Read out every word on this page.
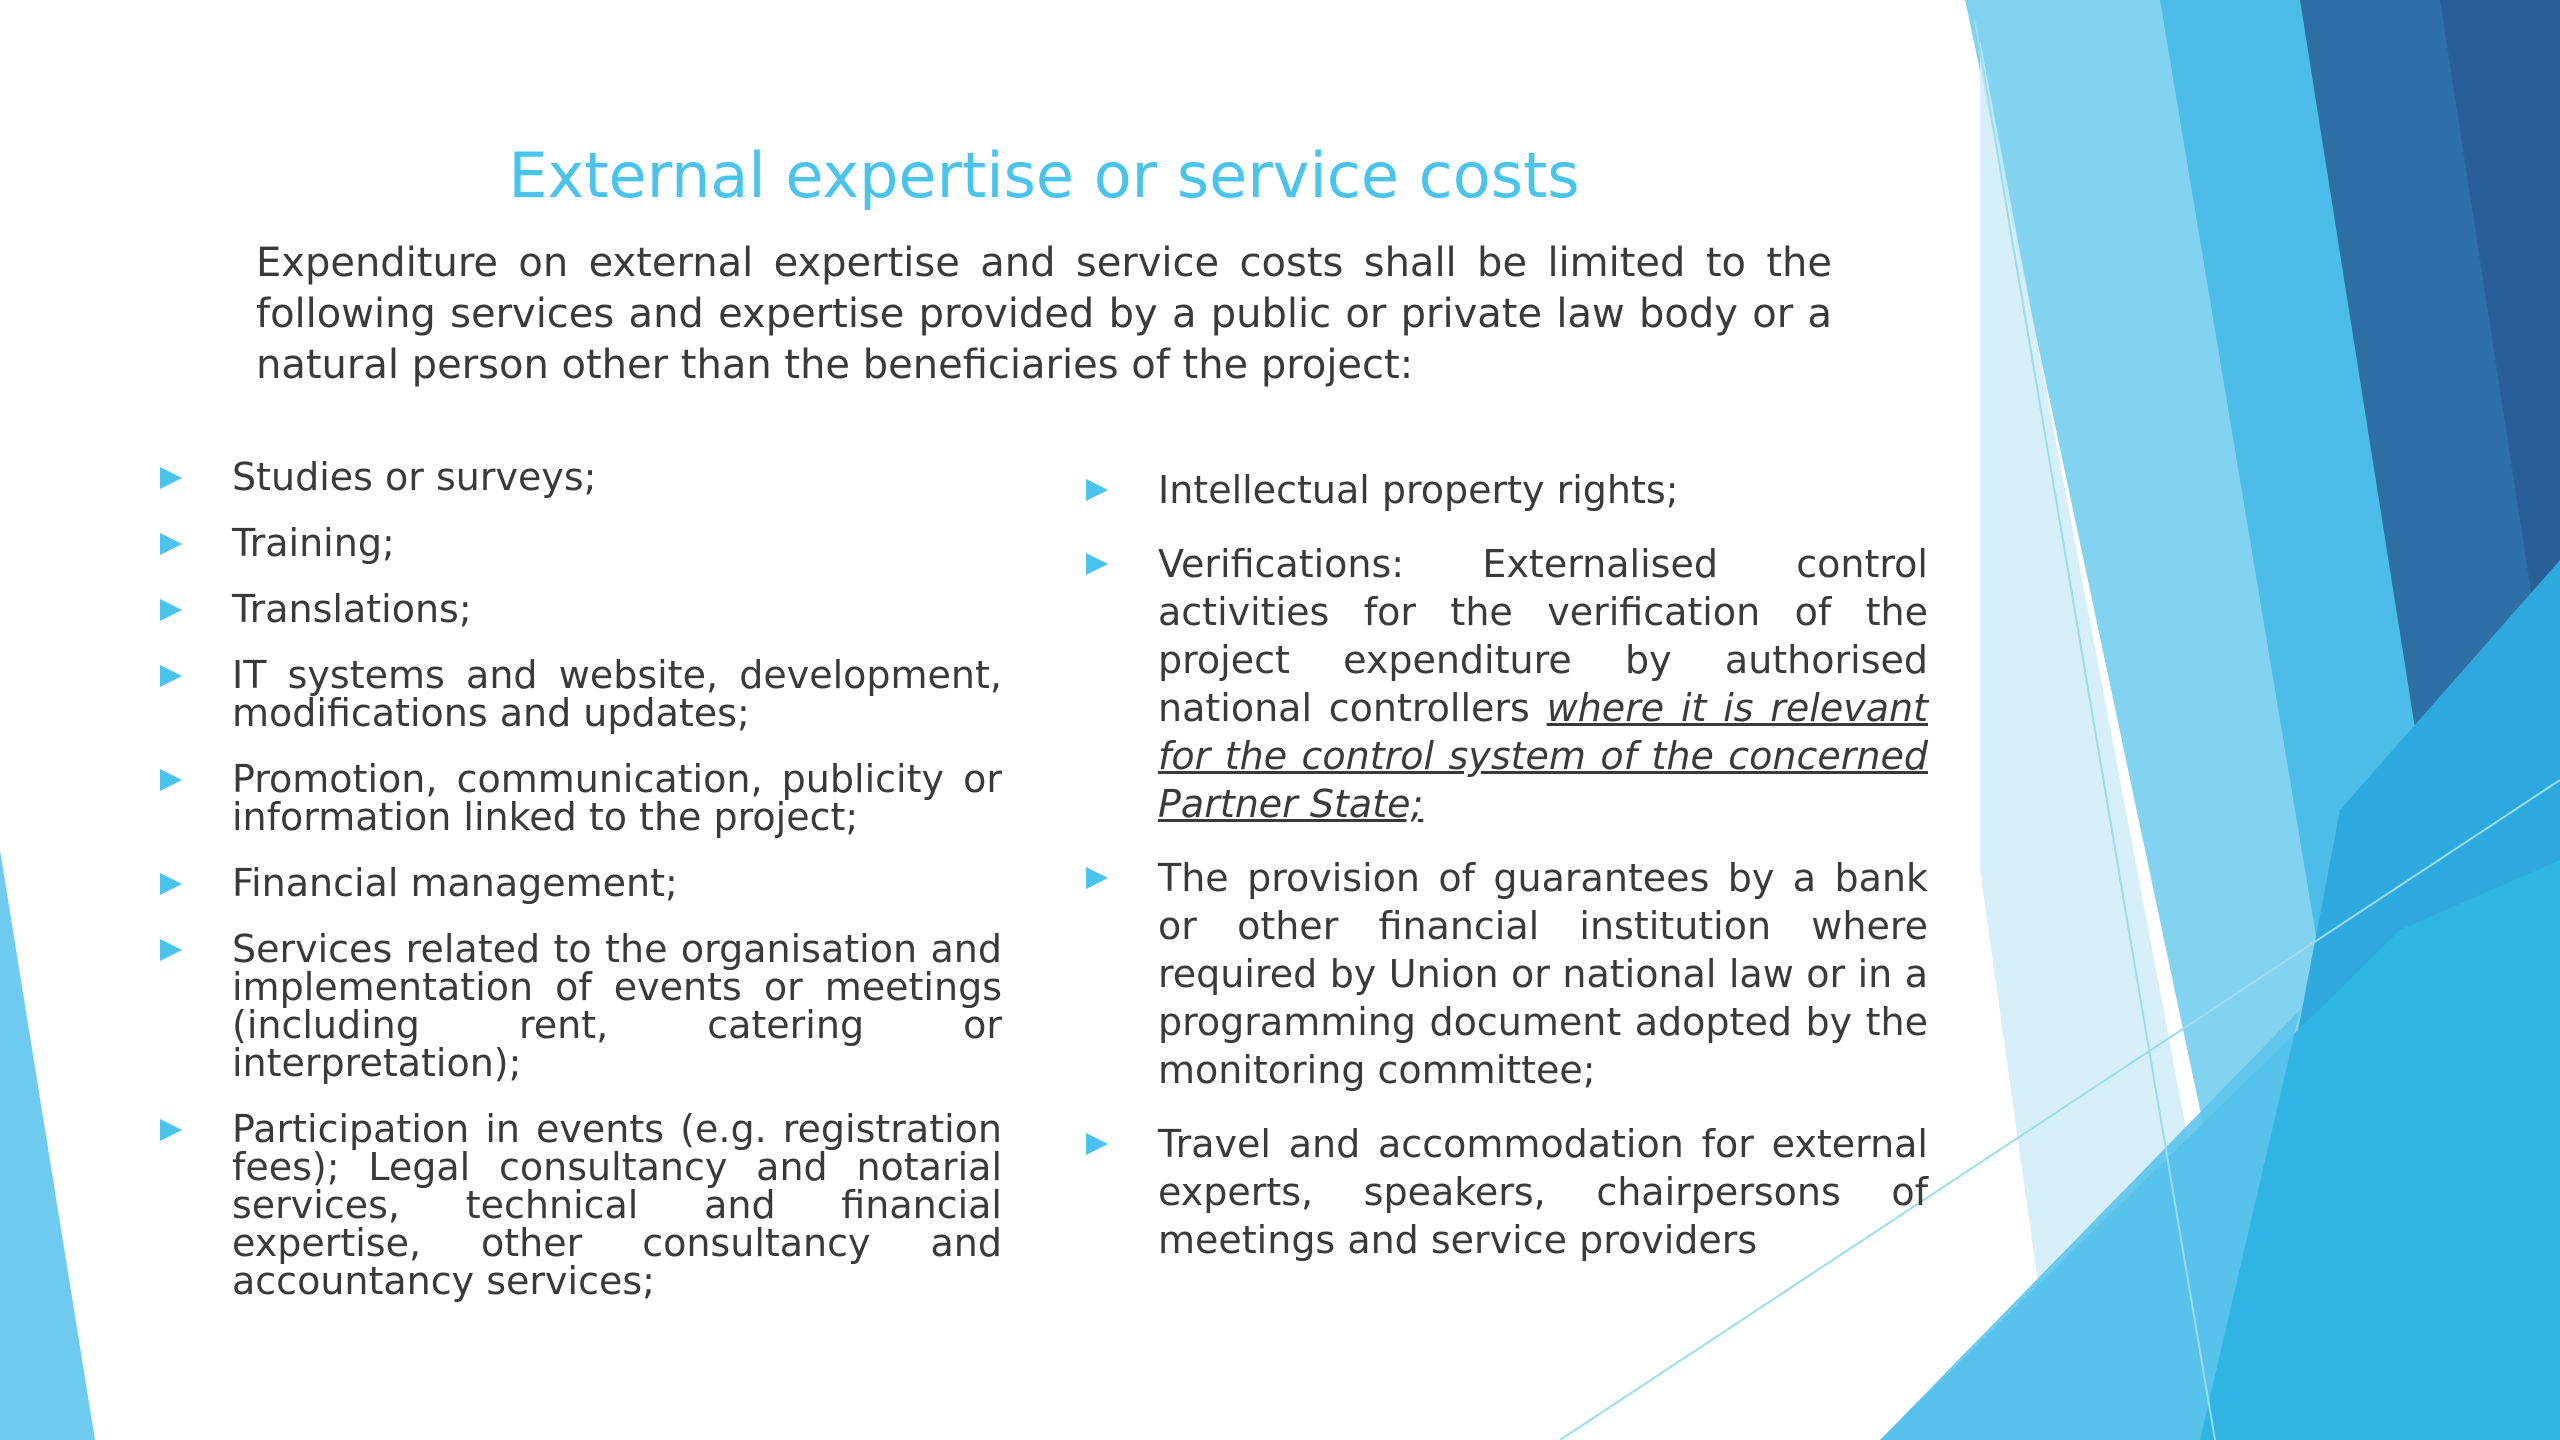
External expertise or service costs

Expenditure on external expertise and service costs shall be limited to the following services and expertise provided by a public or private law body or a natural person other than the beneficiaries of the project:

Studies or surveys;
Training;
Translations;
IT systems and website, development, modifications and updates;
Promotion, communication, publicity or information linked to the project;
Financial management;
Services related to the organisation and implementation of events or meetings (including rent, catering or interpretation);
Participation in events (e.g. registration fees); Legal consultancy and notarial services, technical and financial expertise, other consultancy and accountancy services;
Intellectual property rights;
Verifications: Externalised control activities for the verification of the project expenditure by authorised national controllers where it is relevant for the control system of the concerned Partner State;
The provision of guarantees by a bank or other financial institution where required by Union or national law or in a programming document adopted by the monitoring committee;
Travel and accommodation for external experts, speakers, chairpersons of meetings and service providers
